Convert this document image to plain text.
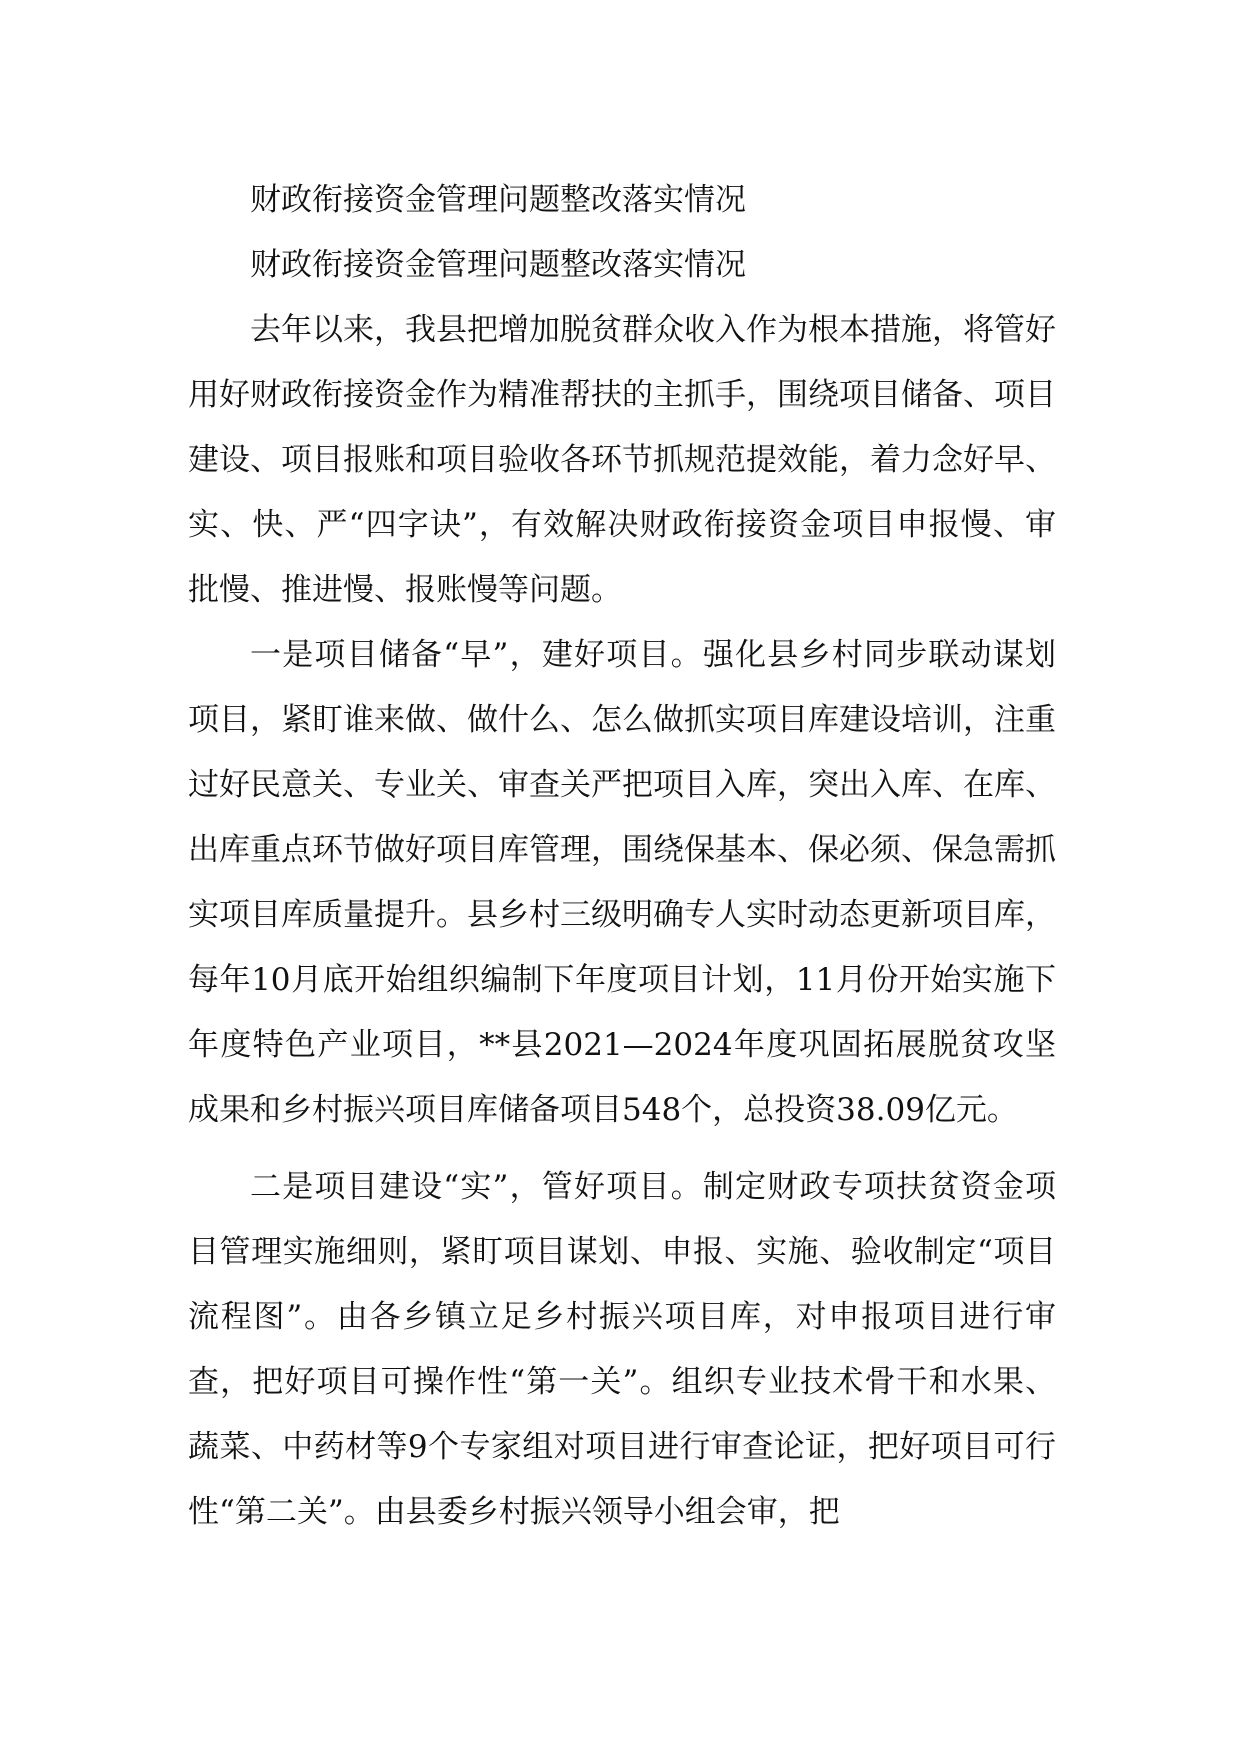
财政衔接资金管理问题整改落实情况

财政衔接资金管理问题整改落实情况

去年以来，我县把增加脱贫群众收入作为根本措施，将管好用好财政衔接资金作为精准帮扶的主抓手，围绕项目储备、项目建设、项目报账和项目验收各环节抓规范提效能，着力念好早、实、快、严“四字诀”，有效解决财政衔接资金项目申报慢、审批慢、推进慢、报账慢等问题。

一是项目储备“早”，建好项目。强化县乡村同步联动谋划项目，紧盯谁来做、做什么、怎么做抓实项目库建设培训，注重过好民意关、专业关、审查关严把项目入库，突出入库、在库、出库重点环节做好项目库管理，围绕保基本、保必须、保急需抓实项目库质量提升。县乡村三级明确专人实时动态更新项目库，每年10月底开始组织编制下年度项目计划，11月份开始实施下年度特色产业项目，**县2021—2024年度巩固拓展脱贫攻坚成果和乡村振兴项目库储备项目548个，总投资38.09亿元。

二是项目建设“实”，管好项目。制定财政专项扶贫资金项目管理实施细则，紧盯项目谋划、申报、实施、验收制定“项目流程图”。由各乡镇立足乡村振兴项目库，对申报项目进行审查，把好项目可操作性“第一关”。组织专业技术骨干和水果、蔬菜、中药材等9个专家组对项目进行审查论证，把好项目可行性“第二关”。由县委乡村振兴领导小组会审，把
